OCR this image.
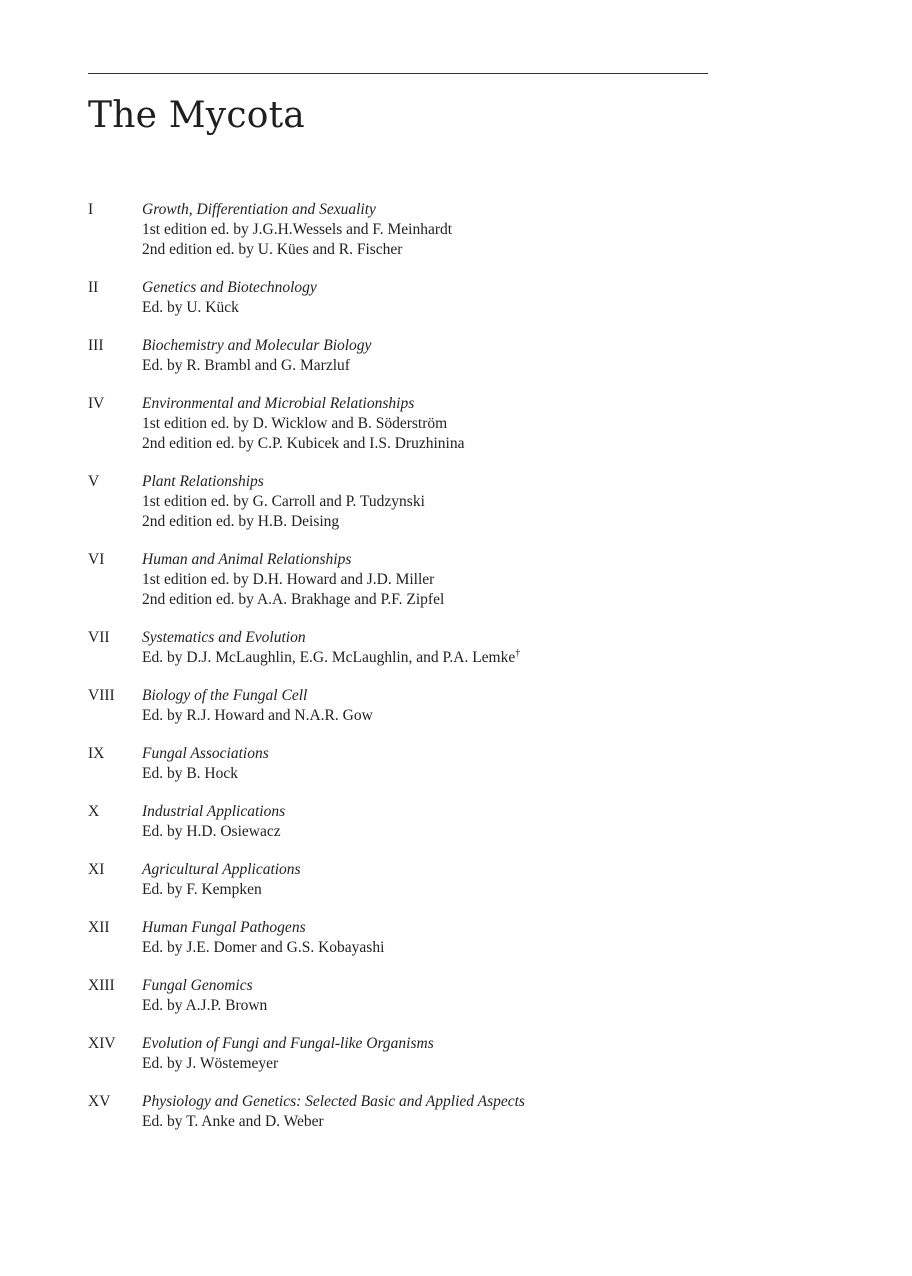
The Mycota
I	Growth, Differentiation and Sexuality
1st edition ed. by J.G.H.Wessels and F. Meinhardt
2nd edition ed. by U. Kües and R. Fischer
II	Genetics and Biotechnology
Ed. by U. Kück
III	Biochemistry and Molecular Biology
Ed. by R. Brambl and G. Marzluf
IV	Environmental and Microbial Relationships
1st edition ed. by D. Wicklow and B. Söderström
2nd edition ed. by C.P. Kubicek and I.S. Druzhinina
V	Plant Relationships
1st edition ed. by G. Carroll and P. Tudzynski
2nd edition ed. by H.B. Deising
VI	Human and Animal Relationships
1st edition ed. by D.H. Howard and J.D. Miller
2nd edition ed. by A.A. Brakhage and P.F. Zipfel
VII	Systematics and Evolution
Ed. by D.J. McLaughlin, E.G. McLaughlin, and P.A. Lemke†
VIII	Biology of the Fungal Cell
Ed. by R.J. Howard and N.A.R. Gow
IX	Fungal Associations
Ed. by B. Hock
X	Industrial Applications
Ed. by H.D. Osiewacz
XI	Agricultural Applications
Ed. by F. Kempken
XII	Human Fungal Pathogens
Ed. by J.E. Domer and G.S. Kobayashi
XIII	Fungal Genomics
Ed. by A.J.P. Brown
XIV	Evolution of Fungi and Fungal-like Organisms
Ed. by J. Wöstemeyer
XV	Physiology and Genetics: Selected Basic and Applied Aspects
Ed. by T. Anke and D. Weber
